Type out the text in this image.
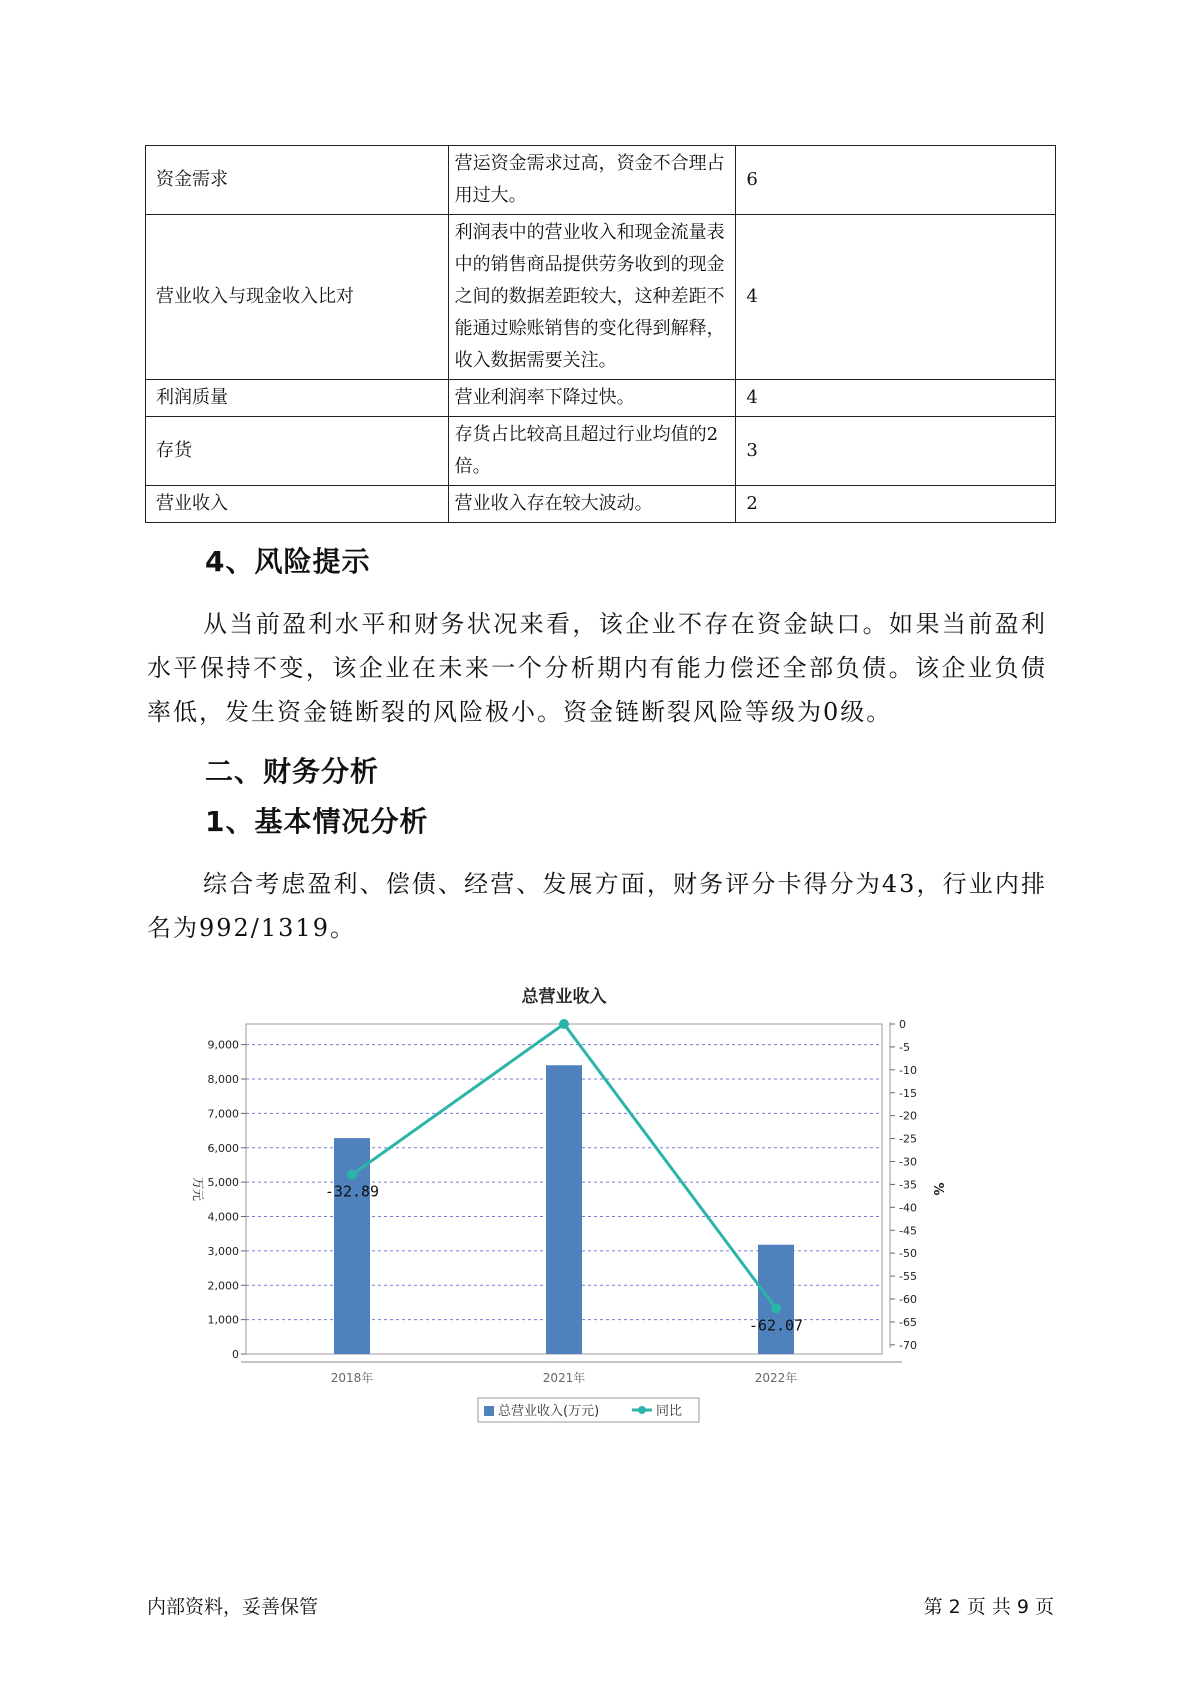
资金需求	营运资金需求过高，资金不合理占用过大。	6
营业收入与现金收入比对	利润表中的营业收入和现金流量表中的销售商品提供劳务收到的现金之间的数据差距较大，这种差距不能通过赊账销售的变化得到解释，收入数据需要关注。	4
利润质量	营业利润率下降过快。	4
存货	存货占比较高且超过行业均值的2倍。	3
营业收入	营业收入存在较大波动。	2
4、风险提示

从当前盈利水平和财务状况来看，该企业不存在资金缺口。如果当前盈利水平保持不变，该企业在未来一个分析期内有能力偿还全部负债。该企业负债率低，发生资金链断裂的风险极小。资金链断裂风险等级为0级。

二、财务分析
1、基本情况分析

综合考虑盈利、偿债、经营、发展方面，财务评分卡得分为43，行业内排名为992/1319。

总营业收入
0
1,000
2,000
3,000
4,000
5,000
6,000
7,000
8,000
9,000
0
-5
-10
-15
-20
-25
-30
-35
-40
-45
-50
-55
-60
-65
-70
万元	%
2018年	2021年	2022年
-32.89
-62.07
总营业收入(万元)	同比
内部资料，妥善保管	第 2 页 共 9 页
